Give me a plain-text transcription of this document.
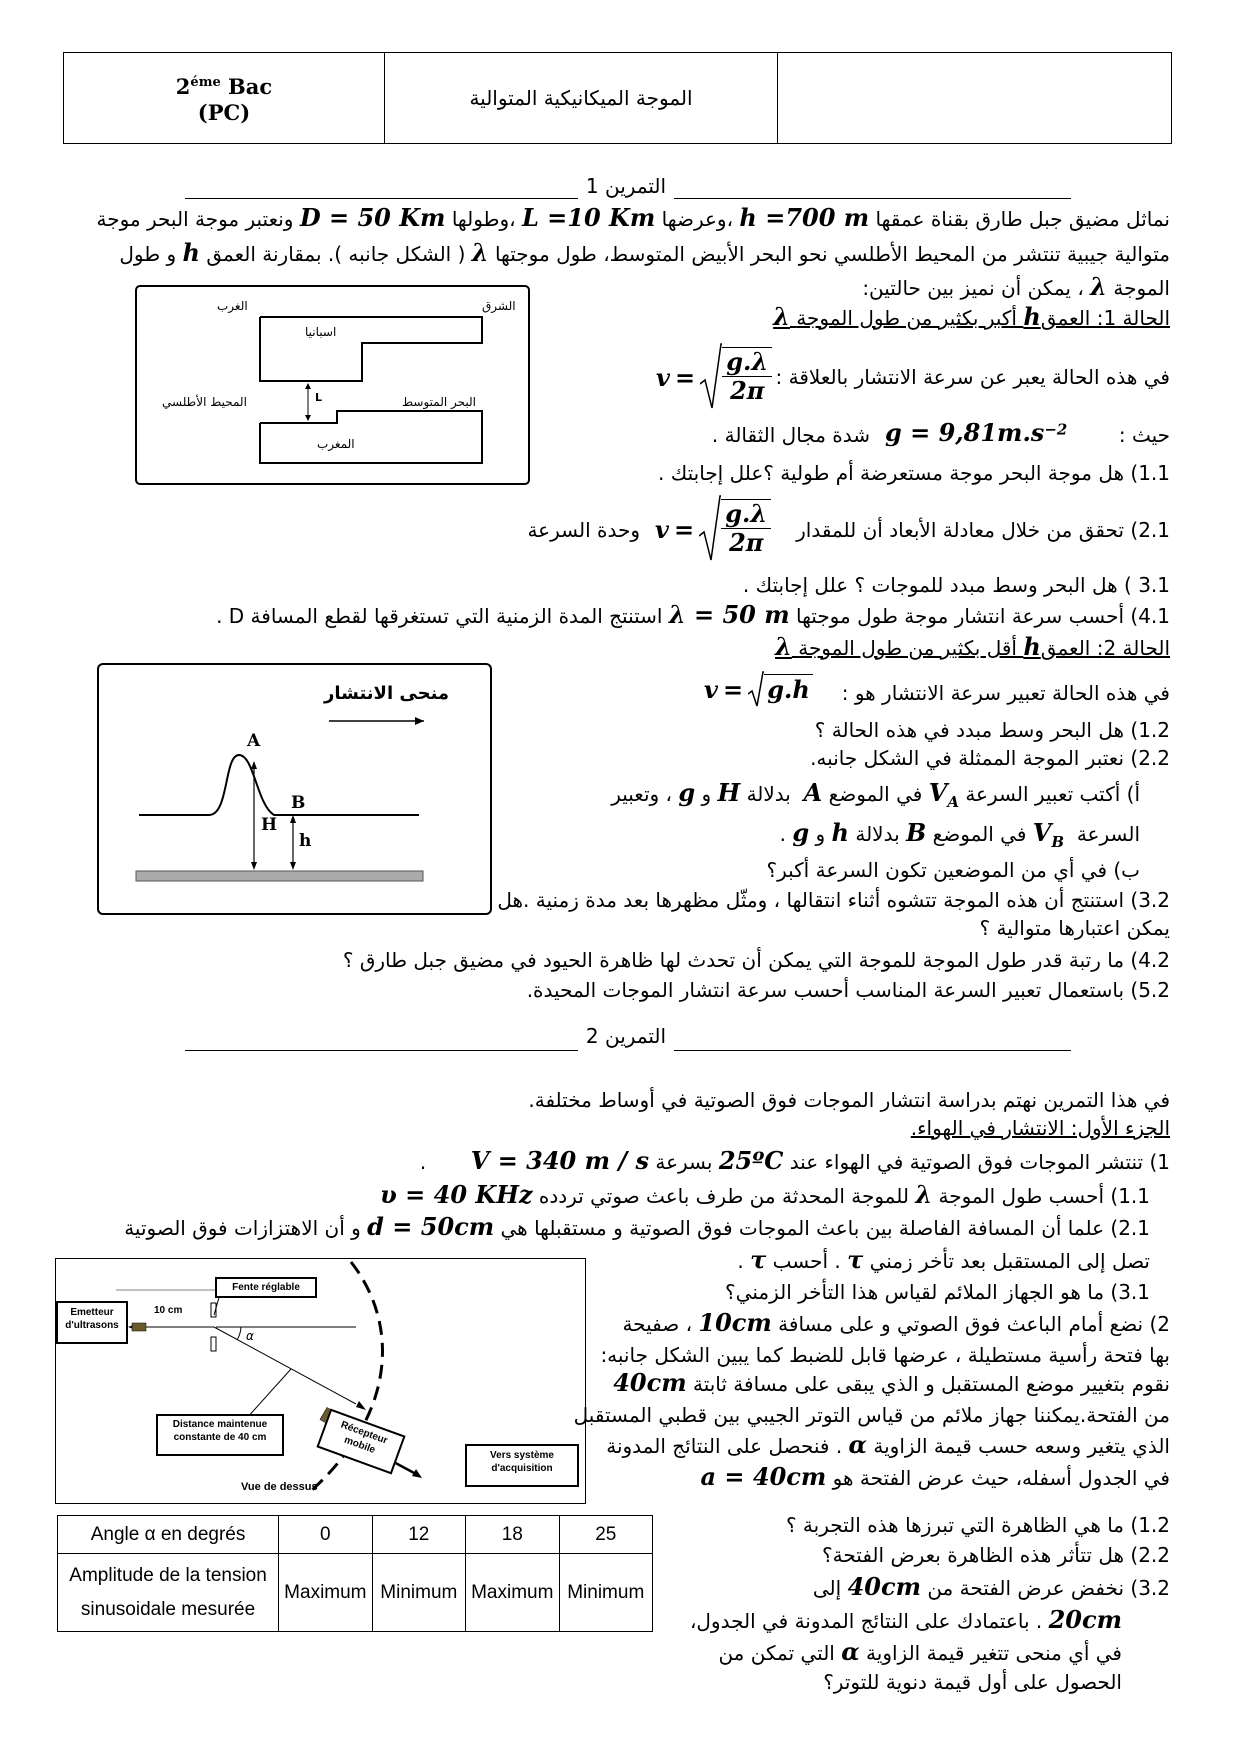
$2^{éme}$ Bac
(PC)
	الموجة الميكانيكية المتوالية	
التمرين 1
نماثل مضيق جبل طارق بقناة عمقها h =700 m ،وعرضها L =10 Km ،وطولها D = 50 Km ونعتبر موجة البحر موجة
متوالية جيبية تنتشر من المحيط الأطلسي نحو البحر الأبيض المتوسط، طول موجتها λ ( الشكل جانبه ). بمقارنة العمق h و طول
الموجة λ ، يمكن أن نميز بين حالتين:
الحالة 1: العمقh أكبر بكثير من طول الموجة λ
في هذه الحالة يعبر عن سرعة الانتشار بالعلاقة :
v
=
$\frac{g.\lambda}{2\pi}$
حيث :
$g = 9,81m.s^{-2}$
شدة مجال الثقالة .
1.1) هل موجة البحر موجة مستعرضة أم طولية ؟علل إجابتك .
2.1) تحقق من خلال معادلة الأبعاد أن للمقدار
v
=
$\frac{g.\lambda}{2\pi}$
وحدة السرعة
3.1 ) هل البحر وسط مبدد للموجات ؟ علل إجابتك .
4.1) أحسب سرعة انتشار موجة طول موجتها λ = 50 m استنتج المدة الزمنية التي تستغرقها لقطع المسافة D .
الحالة 2: العمقh أقل بكثير من طول الموجة λ
في هذه الحالة تعبير سرعة الانتشار هو :
v
=
g.h
1.2) هل البحر وسط مبدد في هذه الحالة ؟
2.2) نعتبر الموجة الممثلة في الشكل جانبه.
أ) أكتب تعبير السرعة $V_A$ في الموضع A  بدلالة H و g ، وتعبير
السرعة  $V_B$ في الموضع B بدلالة h و g .
ب) في أي من الموضعين تكون السرعة أكبر؟
3.2) استنتج أن هذه الموجة تتشوه أثناء انتقالها ، ومثّل مظهرها بعد مدة زمنية .هل
يمكن اعتبارها متوالية ؟
4.2) ما رتبة قدر طول الموجة للموجة التي يمكن أن تحدث لها ظاهرة الحيود في مضيق جبل طارق ؟
5.2) باستعمال تعبير السرعة المناسب أحسب سرعة انتشار الموجات المحيدة.
الغرب	الشرق
اسبانيا
المحيط الأطلسي	البحر المتوسط
المغرب
L
منحى الانتشار
A
B
H
h
التمرين 2
في هذا التمرين نهتم بدراسة انتشار الموجات فوق الصوتية في أوساط مختلفة.
الجزء الأول: الانتشار في الهواء.
1) تنتشر الموجات فوق الصوتية في الهواء عند 25ºC بسرعة V = 340 m / s       .
1.1) أحسب طول الموجة λ للموجة المحدثة من طرف باعث صوتي تردده υ = 40 KHz
2.1) علما أن المسافة الفاصلة بين باعث الموجات فوق الصوتية و مستقبلها هي d = 50cm و أن الاهتزازات فوق الصوتية
تصل إلى المستقبل بعد تأخر زمني τ . أحسب τ .
3.1) ما هو الجهاز الملائم لقياس هذا التأخر الزمني؟
2) نضع أمام الباعث فوق الصوتي و على مسافة 10cm ، صفيحة
بها فتحة رأسية مستطيلة ، عرضها قابل للضبط كما يبين الشكل جانبه:
نقوم بتغيير موضع المستقبل و الذي يبقى على مسافة ثابتة 40cm
من الفتحة.يمكننا جهاز ملائم من قياس التوتر الجيبي بين قطبي المستقبل
الذي يتغير وسعه حسب قيمة الزاوية α . فنحصل على النتائج المدونة
في الجدول أسفله، حيث عرض الفتحة هو a = 40cm
1.2) ما هي الظاهرة التي تبرزها هذه التجربة ؟
2.2) هل تتأثر هذه الظاهرة بعرض الفتحة؟
3.2) نخفض عرض الفتحة من 40cm إلى
20cm . باعتمادك على النتائج المدونة في الجدول،
في أي منحى تتغير قيمة الزاوية α التي تمكن من
الحصول على أول قيمة دنوية للتوتر؟
Fente réglable
Emetteur d'ultrasons
10 cm
α
Distance maintenue constante de 40 cm	Récepteur mobile	Vers système d'acquisition
Vue de dessus
Angle α en degrés	0	12	18	25
Amplitude de la tension sinusoidale mesurée	Maximum	Minimum	Maximum	Minimum
